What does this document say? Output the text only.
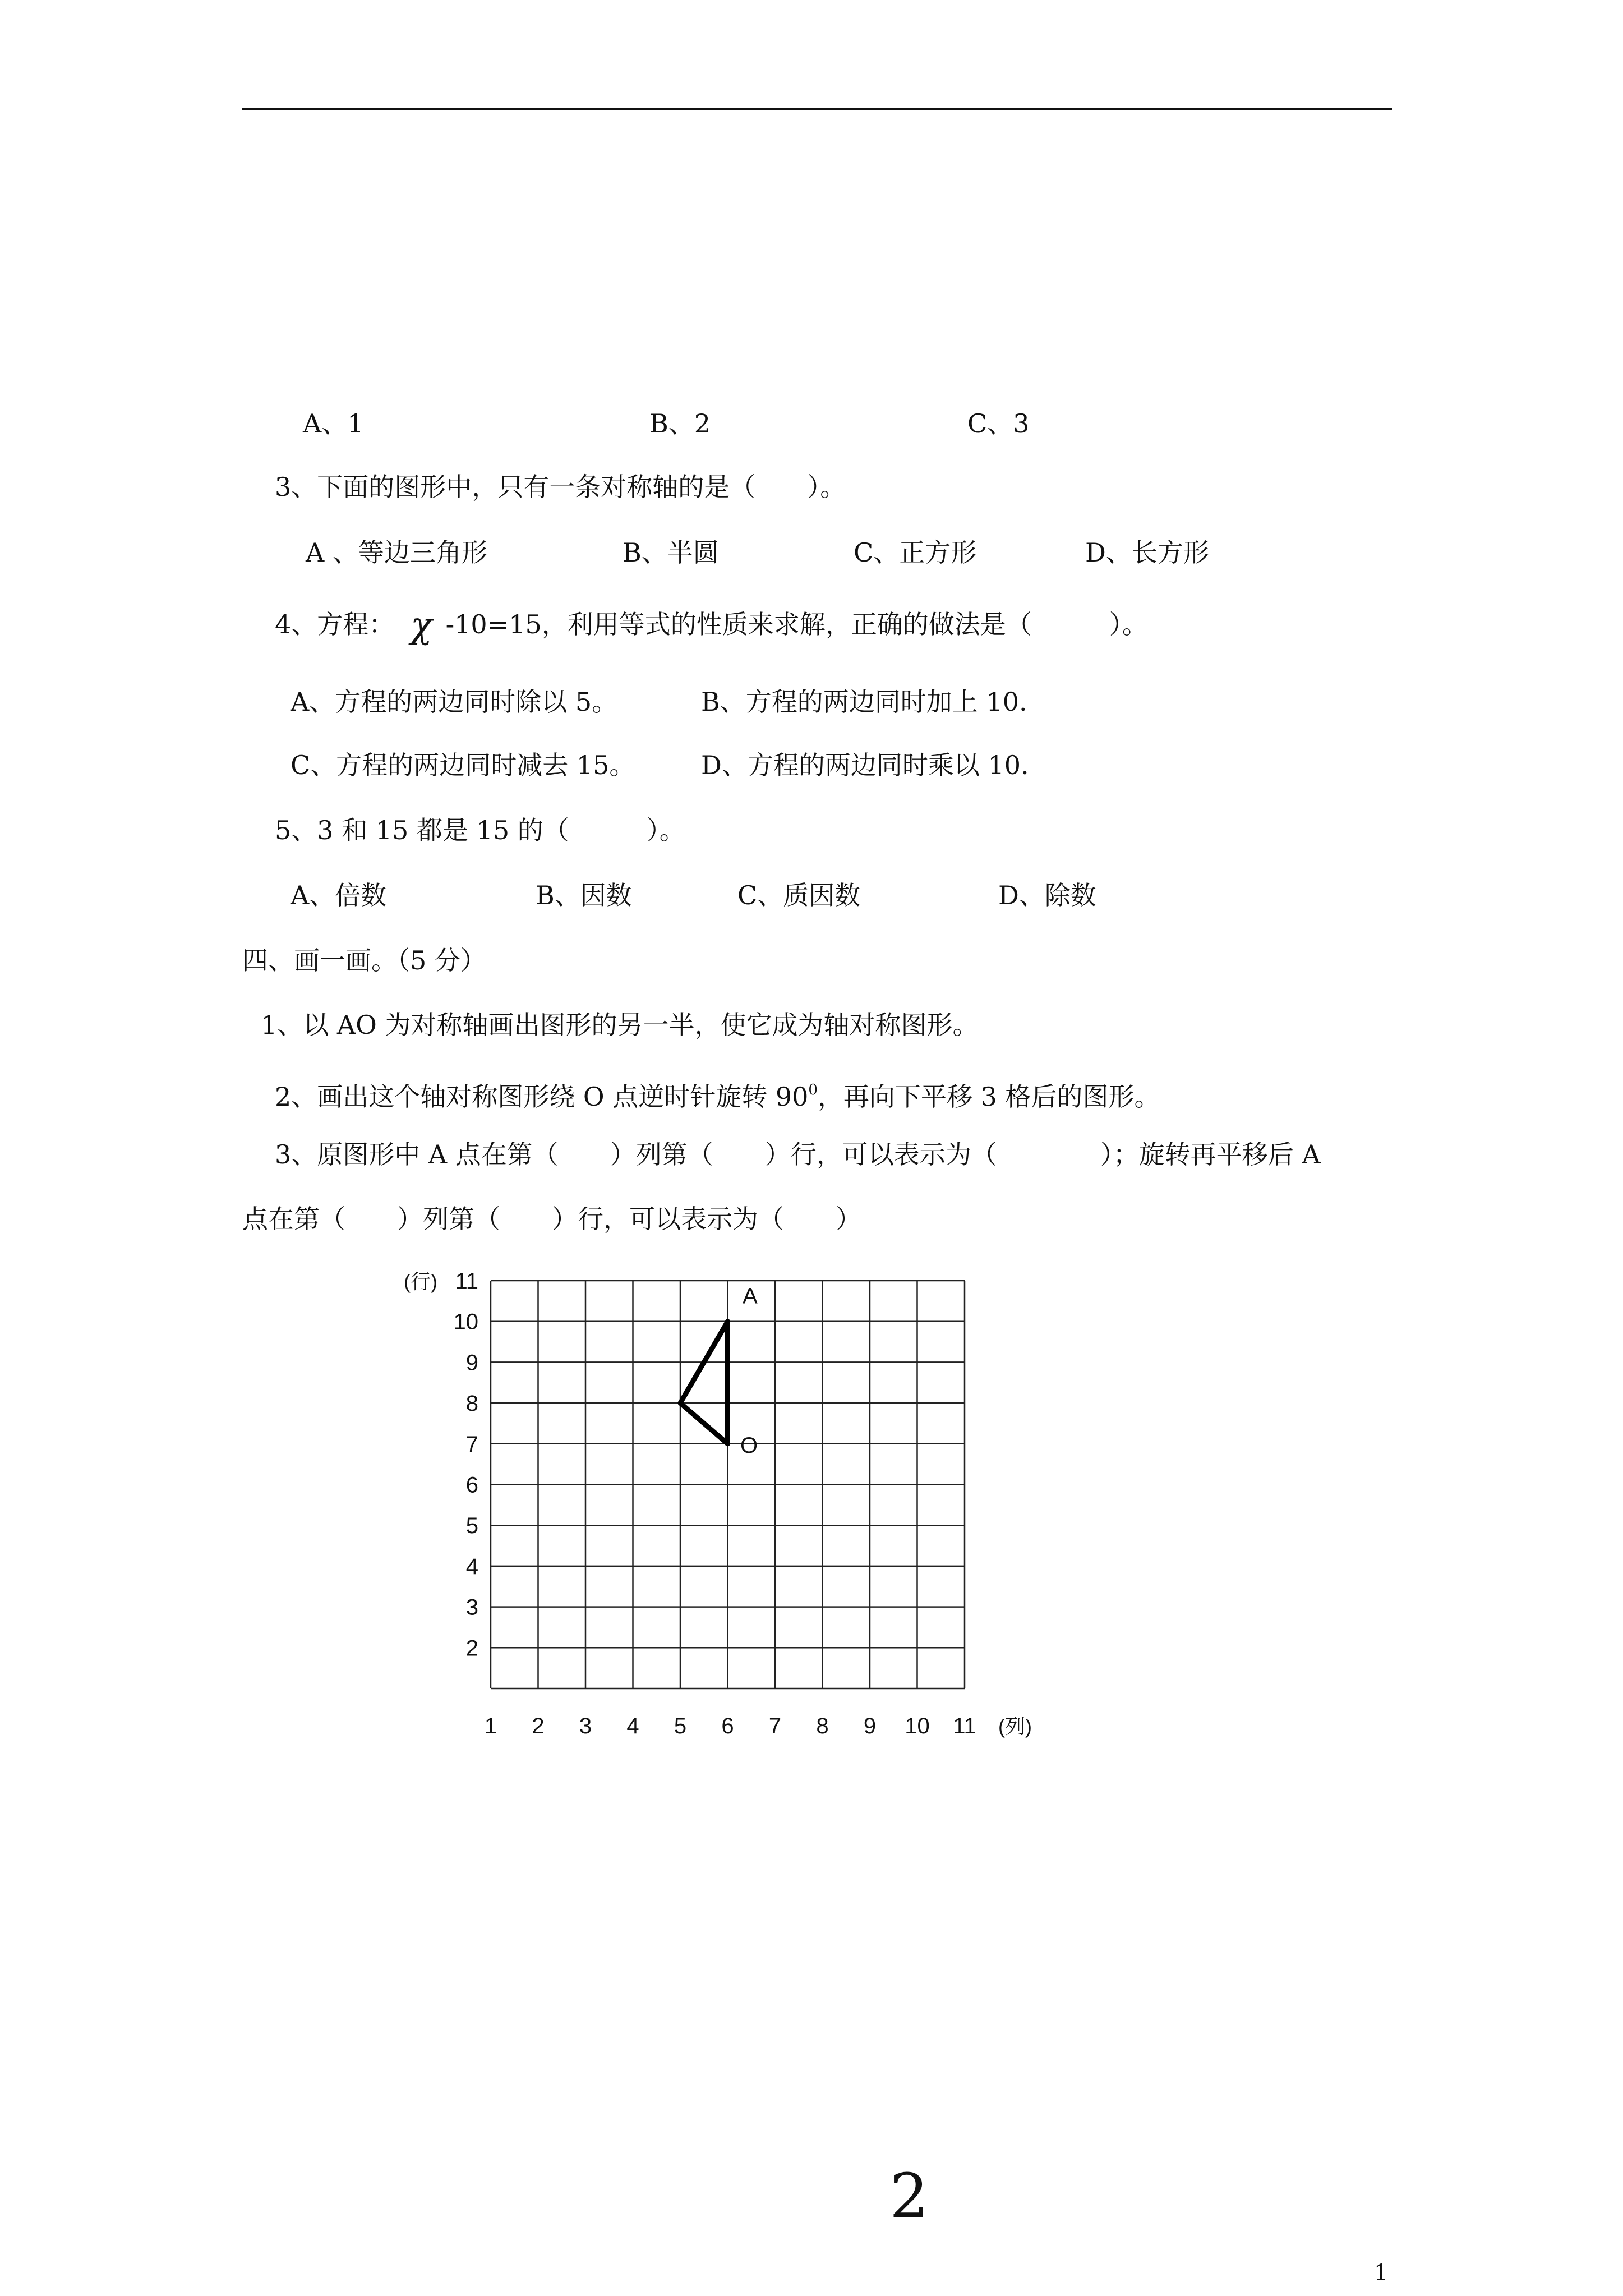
A、1	B、2	C、3
3、下面的图形中，只有一条对称轴的是（　　）。
A 、等边三角形	B、半圆	C、正方形	D、长方形
4、方程： χ -10=15，利用等式的性质来求解，正确的做法是（　　　）。
A、方程的两边同时除以 5。	B、方程的两边同时加上 10.
C、方程的两边同时减去 15。	D、方程的两边同时乘以 10.
5、3 和 15 都是 15 的（　　　）。
A、倍数	B、因数	C、质因数	D、除数
四、画一画。（5 分）
1、以 AO 为对称轴画出图形的另一半，使它成为轴对称图形。
2、画出这个轴对称图形绕 O 点逆时针旋转 $90^0$，再向下平移 3 格后的图形。
3、原图形中 A 点在第（　　）列第（　　）行，可以表示为（　　　　）；旋转再平移后 A
点在第（　　）列第（　　）行，可以表示为（　　）
1 2 3 4 5 6 7 8 9 10 11
2
3
4
5
6
7
8
9
10
11
(列)
(行)
A
O
2
1
